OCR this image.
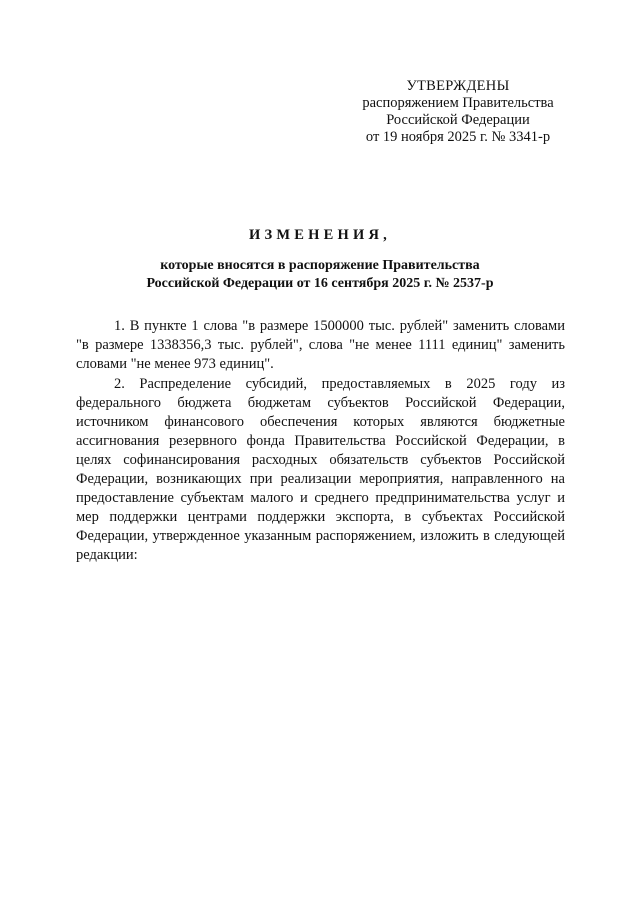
УТВЕРЖДЕНЫ
распоряжением Правительства
Российской Федерации
от 19 ноября 2025 г. № 3341-р
ИЗМЕНЕНИЯ,
которые вносятся в распоряжение Правительства
Российской Федерации от 16 сентября 2025 г. № 2537-р

1. В пункте 1 слова "в размере 1500000 тыс. рублей" заменить словами "в размере 1338356,3 тыс. рублей", слова "не менее 1111 единиц" заменить словами "не менее 973 единиц".

2. Распределение субсидий, предоставляемых в 2025 году из федерального бюджета бюджетам субъектов Российской Федерации, источником финансового обеспечения которых являются бюджетные ассигнования резервного фонда Правительства Российской Федерации, в целях софинансирования расходных обязательств субъектов Российской Федерации, возникающих при реализации мероприятия, направленного на предоставление субъектам малого и среднего предпринимательства услуг и мер поддержки центрами поддержки экспорта, в субъектах Российской Федерации, утвержденное указанным распоряжением, изложить в следующей редакции:
